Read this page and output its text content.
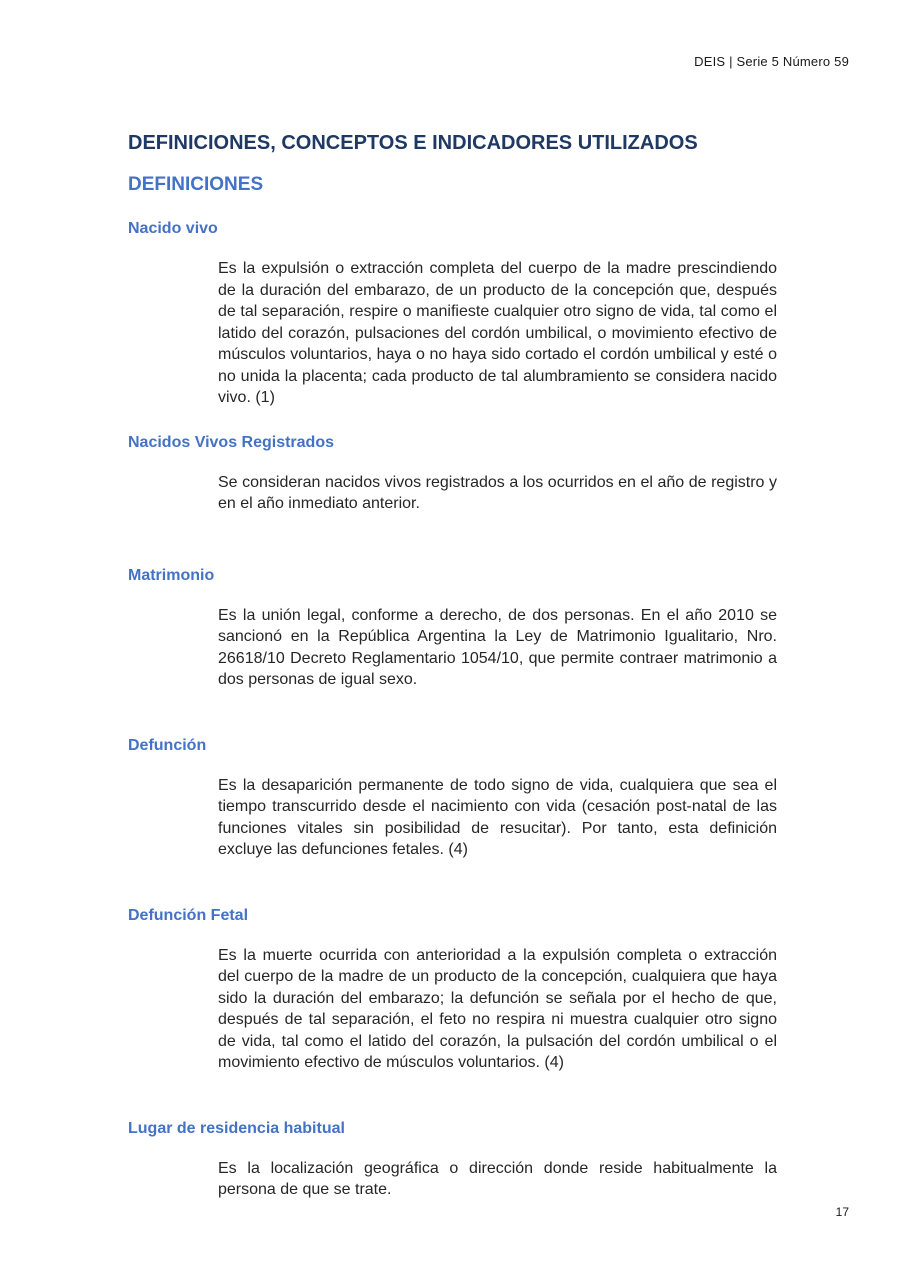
DEIS | Serie 5 Número 59
DEFINICIONES, CONCEPTOS E INDICADORES UTILIZADOS
DEFINICIONES
Nacido vivo

Es la expulsión o extracción completa del cuerpo de la madre prescindiendo de la duración del embarazo, de un producto de la concepción que, después de tal separación, respire o manifieste cualquier otro signo de vida, tal como el latido del corazón, pulsaciones del cordón umbilical, o movimiento efectivo de músculos voluntarios, haya o no haya sido cortado el cordón umbilical y esté o no unida la placenta; cada producto de tal alumbramiento se considera nacido vivo. (1)

Nacidos Vivos Registrados

Se consideran nacidos vivos registrados a los ocurridos en el año de registro y en el año inmediato anterior.

Matrimonio

Es la unión legal, conforme a derecho, de dos personas. En el año 2010 se sancionó en la República Argentina la Ley de Matrimonio Igualitario, Nro. 26618/10 Decreto Reglamentario 1054/10, que permite contraer matrimonio a dos personas de igual sexo.

Defunción

Es la desaparición permanente de todo signo de vida, cualquiera que sea el tiempo transcurrido desde el nacimiento con vida (cesación post-natal de las funciones vitales sin posibilidad de resucitar). Por tanto, esta definición excluye las defunciones fetales. (4)

Defunción Fetal

Es la muerte ocurrida con anterioridad a la expulsión completa o extracción del cuerpo de la madre de un producto de la concepción, cualquiera que haya sido la duración del embarazo; la defunción se señala por el hecho de que, después de tal separación, el feto no respira ni muestra cualquier otro signo de vida, tal como el latido del corazón, la pulsación del cordón umbilical o el movimiento efectivo de músculos voluntarios. (4)

Lugar de residencia habitual

Es la localización geográfica o dirección donde reside habitualmente la persona de que se trate.

17
